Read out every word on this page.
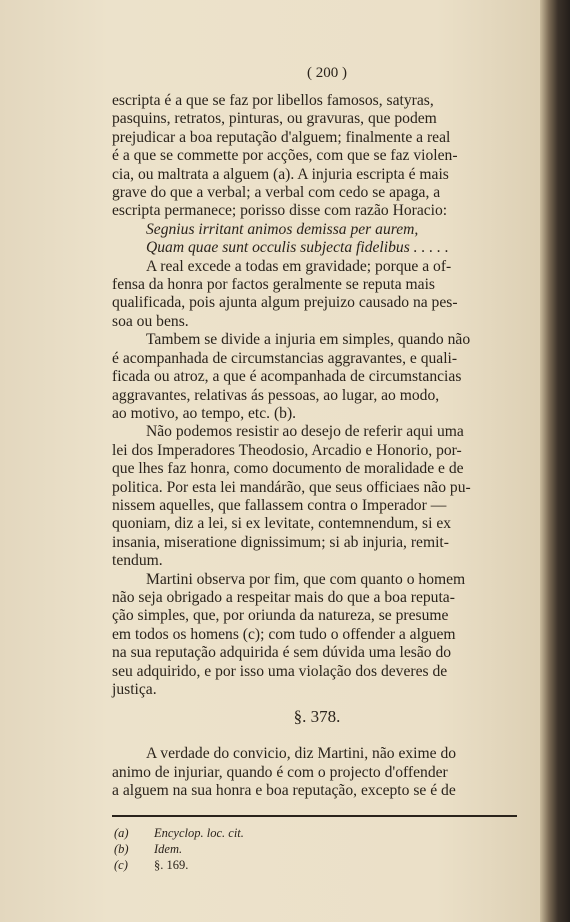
( 200 )

escripta é a que se faz por libellos famosos, satyras,

pasquins, retratos, pinturas, ou gravuras, que podem

prejudicar a boa reputação d'alguem; finalmente a real

é a que se commette por acções, com que se faz violen-

cia, ou maltrata a alguem (a). A injuria escripta é mais

grave do que a verbal; a verbal com cedo se apaga, a

escripta permanece; porisso disse com razão Horacio:

Segnius irritant animos demissa per aurem,

Quam quae sunt occulis subjecta fidelibus . . . . .

A real excede a todas em gravidade; porque a of-
fensa da honra por factos geralmente se reputa mais
qualificada, pois ajunta algum prejuizo causado na pes-
soa ou bens.

Tambem se divide a injuria em simples, quando não
é acompanhada de circumstancias aggravantes, e quali-
ficada ou atroz, a que é acompanhada de circumstancias
aggravantes, relativas ás pessoas, ao lugar, ao modo,
ao motivo, ao tempo, etc. (b).

Não podemos resistir ao desejo de referir aqui uma
lei dos Imperadores Theodosio, Arcadio e Honorio, por-
que lhes faz honra, como documento de moralidade e de
politica. Por esta lei mandárão, que seus officiaes não pu-
nissem aquelles, que fallassem contra o Imperador —
quoniam, diz a lei, si ex levitate, contemnendum, si ex
insania, miseratione dignissimum; si ab injuria, remit-
tendum.

Martini observa por fim, que com quanto o homem
não seja obrigado a respeitar mais do que a boa reputa-
ção simples, que, por oriunda da natureza, se presume
em todos os homens (c); com tudo o offender a alguem
na sua reputação adquirida é sem dúvida uma lesão do
seu adquirido, e por isso uma violação dos deveres de
justiça.

§. 378.

A verdade do convicio, diz Martini, não exime do
animo de injuriar, quando é com o projecto d'offender
a alguem na sua honra e boa reputação, excepto se é de

(a) Encyclop. loc. cit.
(b) Idem.
(c) §. 169.
